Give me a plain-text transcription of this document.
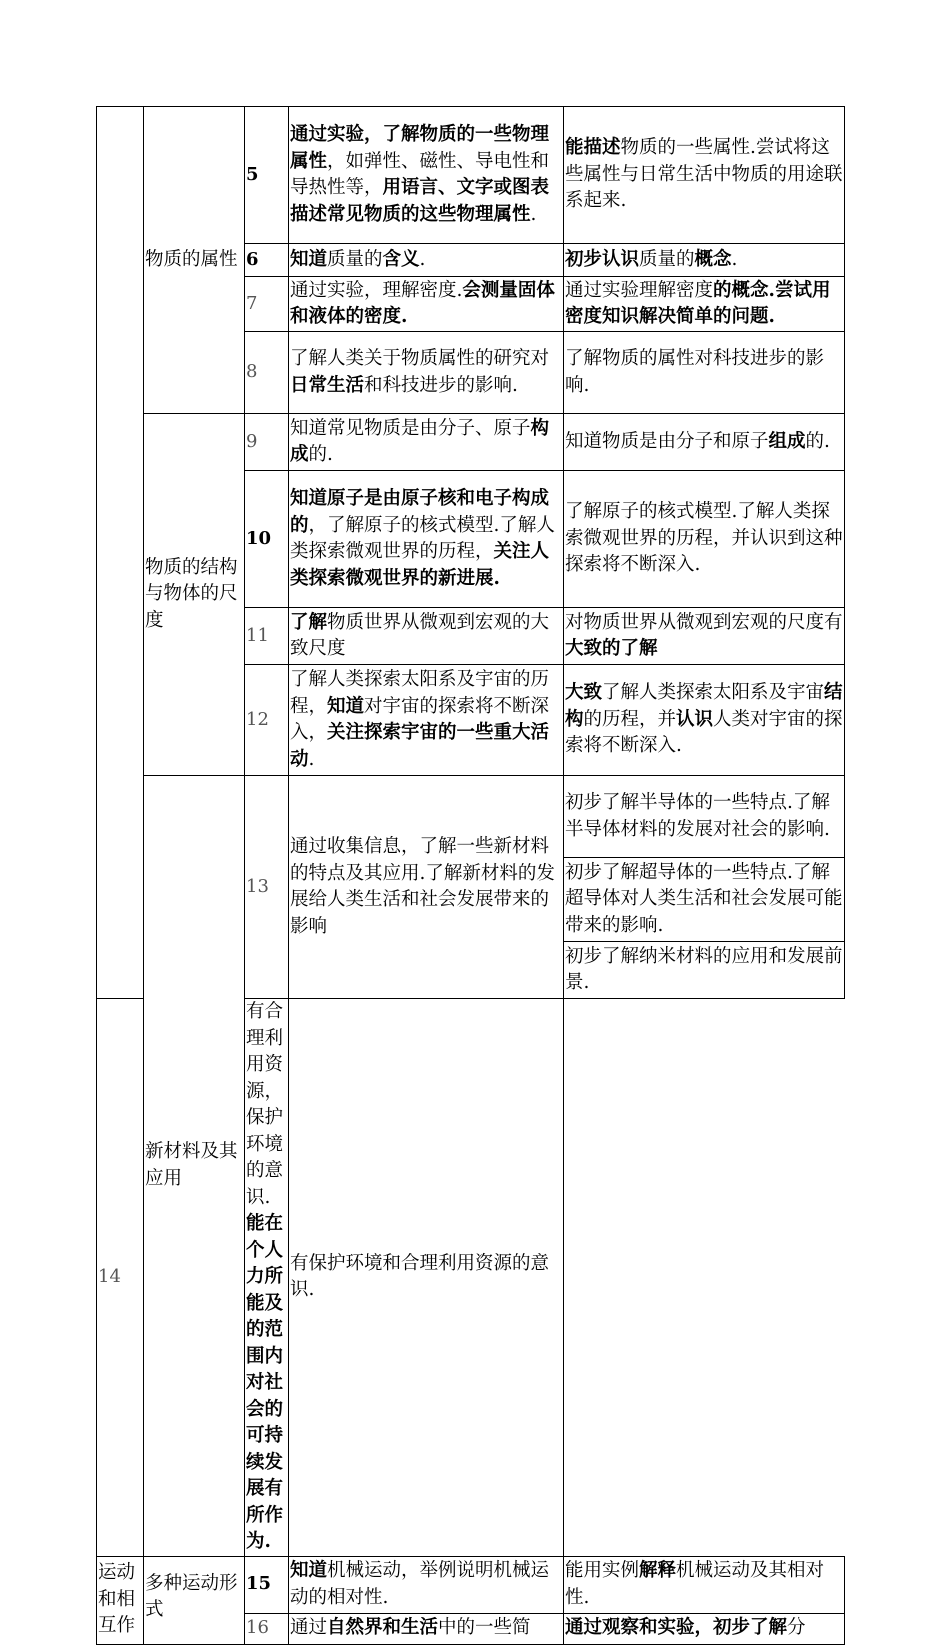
	物质的属性	5	通过实验，了解物质的一些物理属性，如弹性、磁性、导电性和导热性等，用语言、文字或图表描述常见物质的这些物理属性.	能描述物质的一些属性.尝试将这些属性与日常生活中物质的用途联系起来.
		6	知道质量的含义.	初步认识质量的概念.
		7	通过实验，理解密度.会测量固体和液体的密度.	通过实验理解密度的概念.尝试用密度知识解决简单的问题.
		8	了解人类关于物质属性的研究对日常生活和科技进步的影响.	了解物质的属性对科技进步的影响.
	物质的结构与物体的尺度	9	知道常见物质是由分子、原子构成的.	知道物质是由分子和原子组成的.
		10	知道原子是由原子核和电子构成的，了解原子的核式模型.了解人类探索微观世界的历程，关注人类探索微观世界的新进展.	了解原子的核式模型.了解人类探索微观世界的历程，并认识到这种探索将不断深入.
		11	了解物质世界从微观到宏观的大致尺度	对物质世界从微观到宏观的尺度有大致的了解
		12	了解人类探索太阳系及宇宙的历程，知道对宇宙的探索将不断深入，关注探索宇宙的一些重大活动.	大致了解人类探索太阳系及宇宙结构的历程，并认识人类对宇宙的探索将不断深入.
	新材料及其应用	13	通过收集信息，了解一些新材料的特点及其应用.了解新材料的发展给人类生活和社会发展带来的影响	初步了解半导体的一些特点.了解半导体材料的发展对社会的影响.
				初步了解超导体的一些特点.了解超导体对人类生活和社会发展可能带来的影响.
				初步了解纳米材料的应用和发展前景.
14		有合理利用资源，保护环境的意识.能在个人力所能及的范围内对社会的可持续发展有所作为.	有保护环境和合理利用资源的意识.	
运动和相互作	多种运动形式	15	知道机械运动，举例说明机械运动的相对性.	能用实例解释机械运动及其相对性.
		16	通过自然界和生活中的一些简	通过观察和实验，初步了解分
